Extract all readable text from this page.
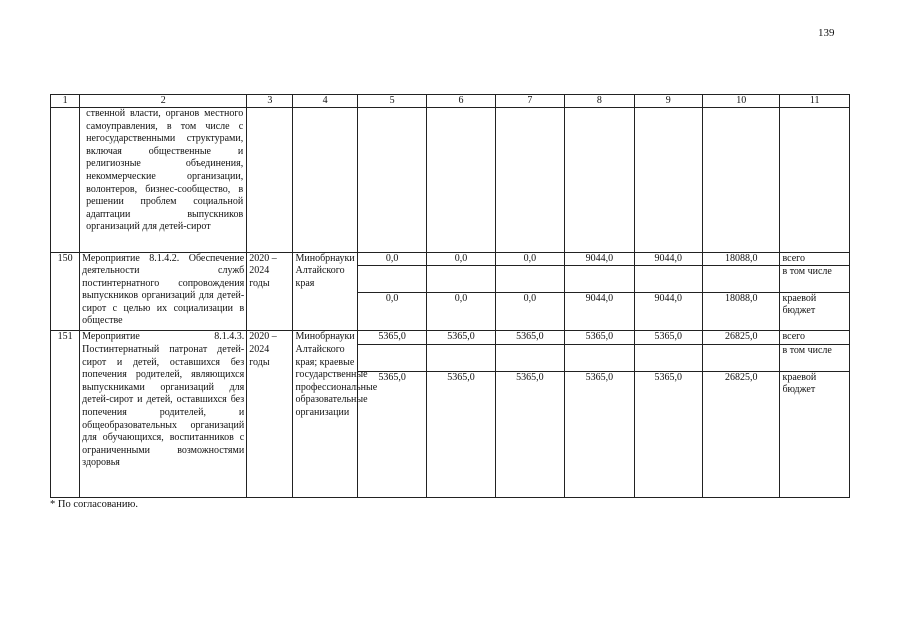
139
1	2	3	4	5	6	7	8	9	10	11
	ственной власти, органов местного самоуправления, в том числе с негосударственными структурами, включая общественные и религиозные объединения, некоммерческие организации, волонтеров, бизнес-сообщество, в решении проблем социальной адаптации выпускников организаций для детей-сирот									
150	Мероприятие 8.1.4.2. Обеспечение деятельности служб постинтернатного сопровождения выпускников организаций для детей-сирот с целью их социализации в обществе	2020 – 2024 годы	Минобрнауки Алтайского края	0,0	0,0	0,0	9044,0	9044,0	18088,0	всего
										в том числе
				0,0	0,0	0,0	9044,0	9044,0	18088,0	краевой бюджет
151	Мероприятие 8.1.4.3. Постинтернатный патронат детей-сирот и детей, оставшихся без попечения родителей, являющихся выпускниками организаций для детей-сирот и детей, оставшихся без попечения родителей, и общеобразовательных организаций для обучающихся, воспитанников с ограниченными возможностями здоровья	2020 – 2024 годы	Минобрнауки Алтайского края; краевые государственные профессиональные образовательные организации	5365,0	5365,0	5365,0	5365,0	5365,0	26825,0	всего
										в том числе
				5365,0	5365,0	5365,0	5365,0	5365,0	26825,0	краевой бюджет
* По согласованию.
